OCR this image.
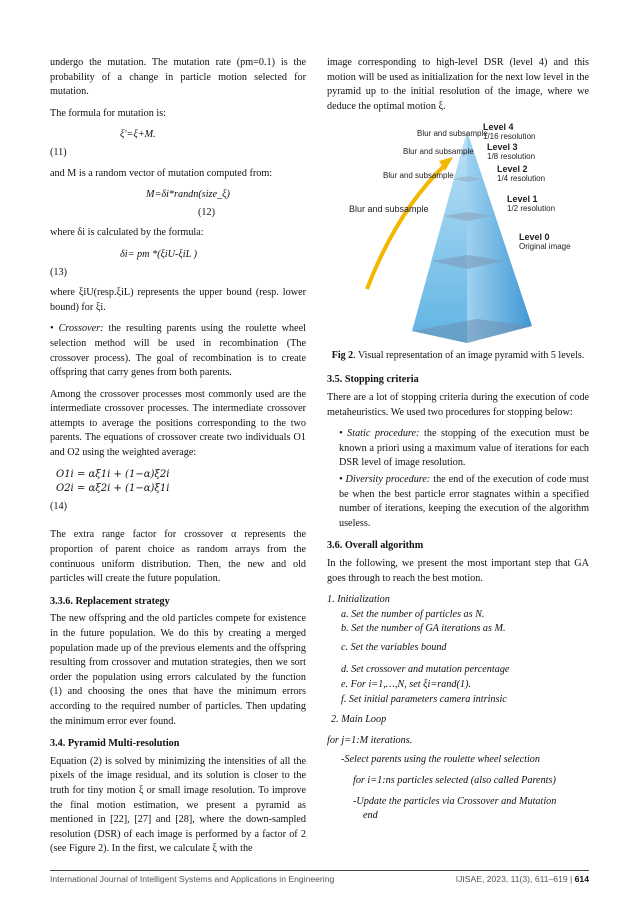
undergo the mutation. The mutation rate (pm=0.1) is the probability of a change in particle motion selected for mutation.

The formula for mutation is:

ξ'=ξ+M.
(11)

and M is a random vector of mutation computed from:

M=δi*randn(size_ξ)
(12)

where δi is calculated by the formula:

δi= pm *(ξiU-ξiL )
(13)

where ξiU(resp.ξiL) represents the upper bound (resp. lower bound) for ξi.

• Crossover: the resulting parents using the roulette wheel selection method will be used in recombination (The crossover process). The goal of recombination is to create offspring that carry genes from both parents.

Among the crossover processes most commonly used are the intermediate crossover processes. The intermediate crossover attempts to average the positions corresponding to the two parents. The equations of crossover create two individuals O1 and O2 using the weighted average:

O1i = αξ1i + (1−α)ξ2i
O2i = αξ2i + (1−α)ξ1i
(14)

The extra range factor for crossover α represents the proportion of parent choice as random arrays from the continuous uniform distribution. Then, the new and old particles will create the future population.

3.3.6. Replacement strategy

The new offspring and the old particles compete for existence in the future population. We do this by creating a merged population made up of the previous elements and the offspring resulting from crossover and mutation strategies, then we sort order the population using errors calculated by the function (1) and choosing the ones that have the minimum errors according to the required number of particles. Then updating the minimum error ever found.

3.4. Pyramid Multi-resolution

Equation (2) is solved by minimizing the intensities of all the pixels of the image residual, and its solution is closer to the truth for tiny motion ξ or small image resolution. To improve the final motion estimation, we present a pyramid as mentioned in [22], [27] and [28], where the down-sampled resolution (DSR) of each image is performed by a factor of 2 (see Figure 2). In the first, we calculate ξ with the

image corresponding to high-level DSR (level 4) and this motion will be used as initialization for the next low level in the pyramid up to the initial resolution of the image, where we deduce the optimal motion ξ.

Blur and subsample
Blur and subsample
Blur and subsample
Blur and subsample
Level 4
1/16 resolution
Level 3
1/8 resolution
Level 2
1/4 resolution
Level 1
1/2 resolution
Level 0
Original image
Fig 2. Visual representation of an image pyramid with 5 levels.
3.5. Stopping criteria

There are a lot of stopping criteria during the execution of code metaheuristics. We used two procedures for stopping below:

• Static procedure: the stopping of the execution must be known a priori using a maximum value of iterations for each DSR level of image resolution.

• Diversity procedure: the end of the execution of code must be when the best particle error stagnates within a specified number of iterations, keeping the execution of the algorithm useless.

3.6. Overall algorithm

In the following, we present the most important step that GA goes through to reach the best motion.

1. Initialization
a. Set the number of particles as N.
b. Set the number of GA iterations as M.
c. Set the variables bound
d. Set crossover and mutation percentage
e. For i=1,…,N, set ξi=rand(1).
f. Set initial parameters camera intrinsic
2. Main Loop
for j=1:M iterations.
-Select parents using the roulette wheel selection
for i=1:ns particles selected (also called Parents)
-Update the particles via Crossover and Mutation
end
International Journal of Intelligent Systems and Applications in Engineering	IJISAE, 2023, 11(3), 611–619 | 614
